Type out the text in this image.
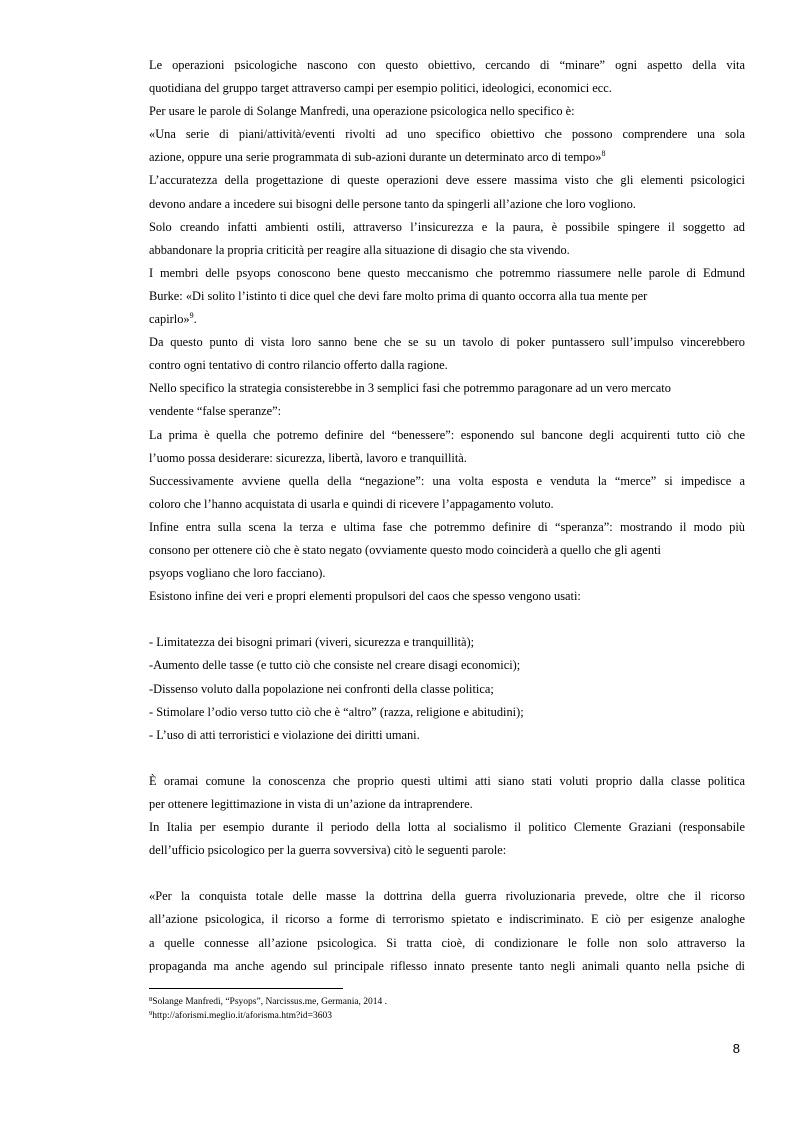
Le operazioni psicologiche nascono con questo obiettivo, cercando di “minare” ogni aspetto della vita

quotidiana del gruppo target attraverso campi per esempio politici, ideologici, economici ecc.

Per usare le parole di Solange Manfredi, una operazione psicologica nello specifico è:

«Una serie di piani/attività/eventi rivolti ad uno specifico obiettivo che possono comprendere una sola

azione, oppure una serie programmata di sub-azioni durante un determinato arco di tempo»$^8$

L’accuratezza della progettazione di queste operazioni deve essere massima visto che gli elementi psicologici

devono andare a incedere sui bisogni delle persone tanto da spingerli all’azione che loro vogliono.

Solo creando infatti ambienti ostili, attraverso l’insicurezza e la paura, è possibile spingere il soggetto ad

abbandonare la propria criticità per reagire alla situazione di disagio che sta vivendo.

I membri delle psyops conoscono bene questo meccanismo che potremmo riassumere nelle parole di Edmund

Burke: «Di solito l’istinto ti dice quel che devi fare molto prima di quanto occorra alla tua mente per

capirlo»$^9$.

Da questo punto di vista loro sanno bene che se su un tavolo di poker puntassero sull’impulso vincerebbero

contro ogni tentativo di contro rilancio offerto dalla ragione.

Nello specifico la strategia consisterebbe in 3 semplici fasi che potremmo paragonare ad un vero mercato

vendente “false speranze”:

La prima è quella che potremo definire del “benessere”: esponendo sul bancone degli acquirenti tutto ciò che

l’uomo possa desiderare: sicurezza, libertà, lavoro e tranquillità.

Successivamente avviene quella della “negazione”: una volta esposta e venduta la “merce” si impedisce a

coloro che l’hanno acquistata di usarla e quindi di ricevere l’appagamento voluto.

Infine entra sulla scena la terza e ultima fase che potremmo definire di “speranza”: mostrando il modo più

consono per ottenere ciò che è stato negato (ovviamente questo modo coinciderà a quello che gli agenti

psyops vogliano che loro facciano).

Esistono infine dei veri e propri elementi propulsori del caos che spesso vengono usati:

- Limitatezza dei bisogni primari (viveri, sicurezza e tranquillità);

-Aumento delle tasse (e tutto ciò che consiste nel creare disagi economici);

-Dissenso voluto dalla popolazione nei confronti della classe politica;

- Stimolare l’odio verso tutto ciò che è “altro” (razza, religione e abitudini);

- L’uso di atti terroristici e violazione dei diritti umani.

È oramai comune la conoscenza che proprio questi ultimi atti siano stati voluti proprio dalla classe politica

per ottenere legittimazione in vista di un’azione da intraprendere.

In Italia per esempio durante il periodo della lotta al socialismo il politico Clemente Graziani (responsabile

dell’ufficio psicologico per la guerra sovversiva) citò le seguenti parole:

«Per la conquista totale delle masse la dottrina della guerra rivoluzionaria prevede, oltre che il ricorso

all’azione psicologica, il ricorso a forme di terrorismo spietato e indiscriminato. E ciò per esigenze analoghe

a quelle connesse all’azione psicologica. Si tratta cioè, di condizionare le folle non solo attraverso la

propaganda ma anche agendo sul principale riflesso innato presente tanto negli animali quanto nella psiche di

$^8$Solange Manfredi, “Psyops”, Narcissus.me, Germania, 2014 .

$^9$http://aforismi.meglio.it/aforisma.htm?id=3603

8
